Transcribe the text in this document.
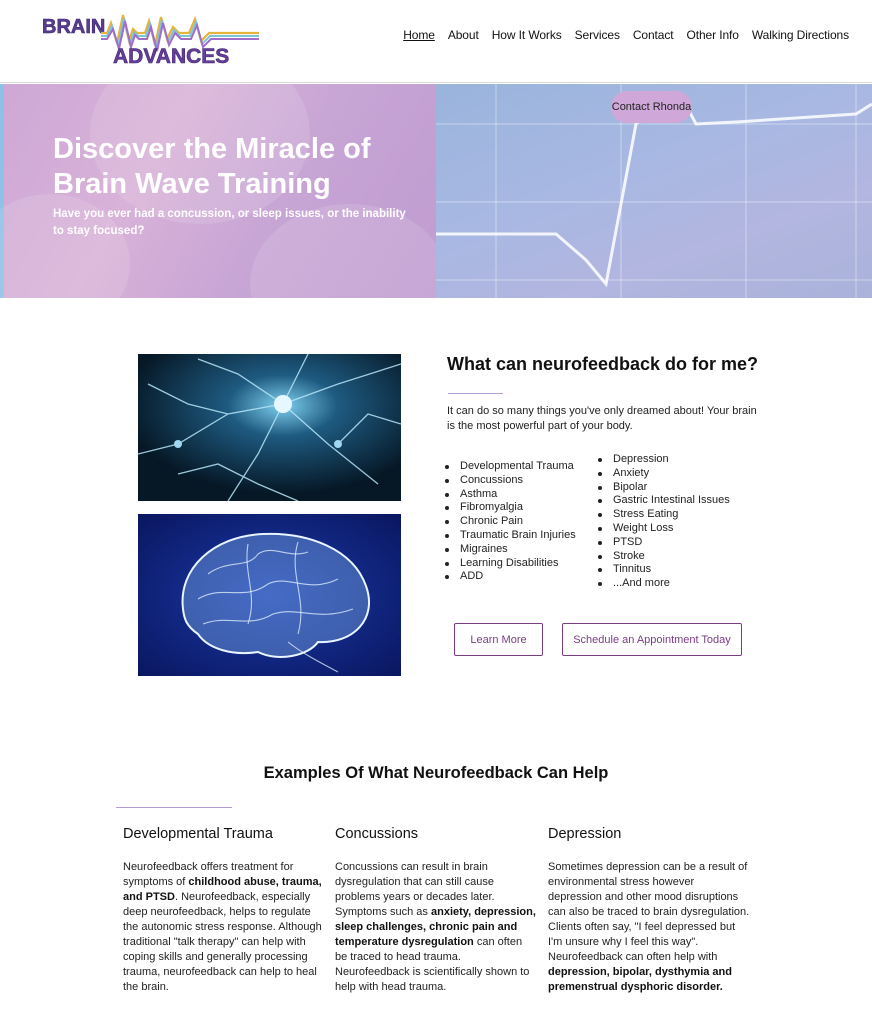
BRAIN
ADVANCES
Home About How It Works Services Contact Other Info Walking Directions
Discover the Miracle of Brain Wave Training
Have you ever had a concussion, or sleep issues, or the inability to stay focused?
Contact Rhonda
What can neurofeedback do for me?
It can do so many things you've only dreamed about! Your brain is the most powerful part of your body.
Developmental Trauma
Concussions
Asthma
Fibromyalgia
Chronic Pain
Traumatic Brain Injuries
Migraines
Learning Disabilities
ADD
Depression
Anxiety
Bipolar
Gastric Intestinal Issues
Stress Eating
Weight Loss
PTSD
Stroke
Tinnitus
...And more
Learn More	Schedule an Appointment Today
Examples Of What Neurofeedback Can Help
Developmental Trauma
Neurofeedback offers treatment for symptoms of childhood abuse, trauma, and PTSD. Neurofeedback, especially deep neurofeedback, helps to regulate the autonomic stress response. Although traditional "talk therapy" can help with coping skills and generally processing trauma, neurofeedback can help to heal the brain.
Concussions
Concussions can result in brain dysregulation that can still cause problems years or decades later. Symptoms such as anxiety, depression, sleep challenges, chronic pain and temperature dysregulation can often be traced to head trauma. Neurofeedback is scientifically shown to help with head trauma.
Depression
Sometimes depression can be a result of environmental stress however depression and other mood disruptions can also be traced to brain dysregulation. Clients often say, "I feel depressed but I'm unsure why I feel this way". Neurofeedback can often help with depression, bipolar, dysthymia and premenstrual dysphoric disorder.
